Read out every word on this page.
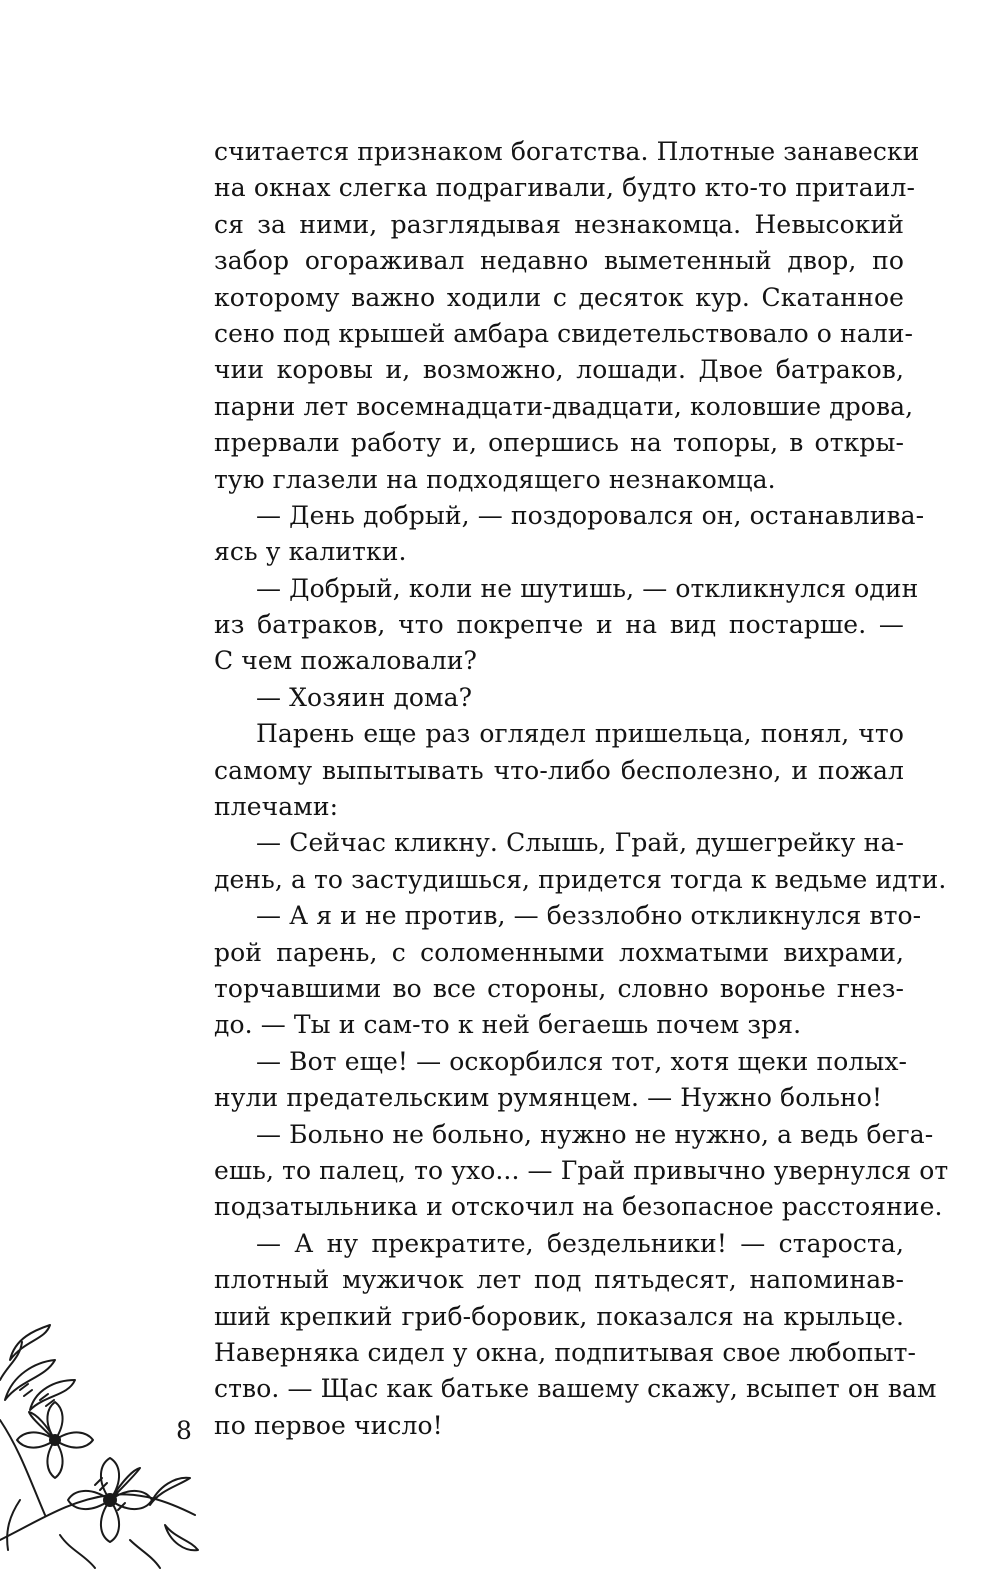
считается признаком богатства. Плотные занавески
на окнах слегка подрагивали, будто кто-то притаил-
ся за ними, разглядывая незнакомца. Невысокий
забор огораживал недавно выметенный двор, по
которому важно ходили с десяток кур. Скатанное
сено под крышей амбара свидетельствовало о нали-
чии коровы и, возможно, лошади. Двое батраков,
парни лет восемнадцати-двадцати, коловшие дрова,
прервали работу и, опершись на топоры, в откры-
тую глазели на подходящего незнакомца.
— День добрый, — поздоровался он, останавлива-
ясь у калитки.
— Добрый, коли не шутишь, — откликнулся один
из батраков, что покрепче и на вид постарше. —
С чем пожаловали?
— Хозяин дома?
Парень еще раз оглядел пришельца, понял, что
самому выпытывать что-либо бесполезно, и пожал
плечами:
— Сейчас кликну. Слышь, Грай, душегрейку на-
день, а то застудишься, придется тогда к ведьме идти.
— А я и не против, — беззлобно откликнулся вто-
рой парень, с соломенными лохматыми вихрами,
торчавшими во все стороны, словно воронье гнез-
до. — Ты и сам-то к ней бегаешь почем зря.
— Вот еще! — оскорбился тот, хотя щеки полых-
нули предательским румянцем. — Нужно больно!
— Больно не больно, нужно не нужно, а ведь бега-
ешь, то палец, то ухо... — Грай привычно увернулся от
подзатыльника и отскочил на безопасное расстояние.
— А ну прекратите, бездельники! — староста,
плотный мужичок лет под пятьдесят, напоминав-
ший крепкий гриб-боровик, показался на крыльце.
Наверняка сидел у окна, подпитывая свое любопыт-
ство. — Щас как батьке вашему скажу, всыпет он вам
по первое число!
8
